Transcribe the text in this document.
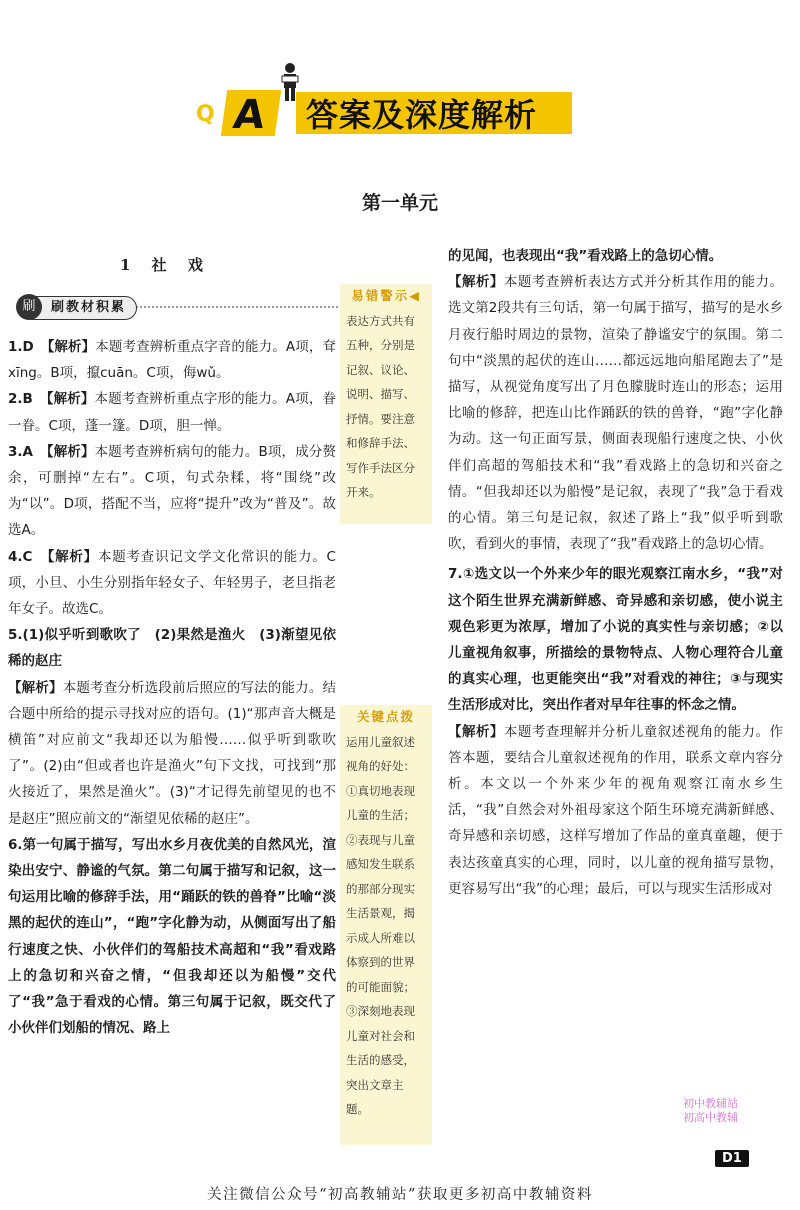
Q A 答案及深度解析
第一单元
1 社 戏
刷教材积累
刷

1.D　 【解析】本题考查辨析重点字音的能力。A项，耷xīng。B项，攛cuān。C项，侮wǔ。

2.B　 【解析】本题考查辨析重点字形的能力。A项，眷一眷。C项，蓬一篷。D项，胆一惮。

3.A　 【解析】本题考查辨析病句的能力。B项，成分赘余，可删掉“左右”。C项，句式杂糅，将“围绕”改为“以”。D项，搭配不当，应将“提升”改为“普及”。故选A。

4.C　 【解析】本题考查识记文学文化常识的能力。C项，小旦、小生分别指年轻女子、年轻男子，老旦指老年女子。故选C。

5.(1)似乎听到歌吹了　(2)果然是渔火　(3)渐望见依稀的赵庄
【解析】本题考查分析选段前后照应的写法的能力。结合题中所给的提示寻找对应的语句。(1)“那声音大概是横笛”对应前文“我却还以为船慢……似乎听到歌吹了”。(2)由“但或者也许是渔火”句下文找，可找到“那火接近了，果然是渔火”。(3)“才记得先前望见的也不是赵庄”照应前文的“渐望见依稀的赵庄”。

6.第一句属于描写，写出水乡月夜优美的自然风光，渲染出安宁、静谧的气氛。第二句属于描写和记叙，这一句运用比喻的修辞手法，用“踊跃的铁的兽脊”比喻“淡黑的起伏的连山”，“跑”字化静为动，从侧面写出了船行速度之快、小伙伴们的驾船技术高超和“我”看戏路上的急切和兴奋之情，“但我却还以为船慢”交代了“我”急于看戏的心情。第三句属于记叙，既交代了小伙伴们划船的情况、路上

易错警示◀
表达方式共有五种，分别是记叙、议论、说明、描写、抒情。要注意和修辞手法、写作手法区分开来。
关键点拨
运用儿童叙述视角的好处：①真切地表现儿童的生活；②表现与儿童感知发生联系的那部分现实生活景观，揭示成人所难以体察到的世界的可能面貌；③深刻地表现儿童对社会和生活的感受，突出文章主题。

的见闻，也表现出“我”看戏路上的急切心情。

【解析】本题考查辨析表达方式并分析其作用的能力。选文第2段共有三句话，第一句属于描写，描写的是水乡月夜行船时周边的景物，渲染了静谧安宁的氛围。第二句中“淡黑的起伏的连山……都远远地向船尾跑去了”是描写，从视觉角度写出了月色朦胧时连山的形态；运用比喻的修辞，把连山比作踊跃的铁的兽脊，“跑”字化静为动。这一句正面写景，侧面表现船行速度之快、小伙伴们高超的驾船技术和“我”看戏路上的急切和兴奋之情。“但我却还以为船慢”是记叙，表现了“我”急于看戏的心情。第三句是记叙，叙述了路上“我”似乎听到歌吹，看到火的事情，表现了“我”看戏路上的急切心情。

7.①选文以一个外来少年的眼光观察江南水乡，“我”对这个陌生世界充满新鲜感、奇异感和亲切感，使小说主观色彩更为浓厚，增加了小说的真实性与亲切感；②以儿童视角叙事，所描绘的景物特点、人物心理符合儿童的真实心理，也更能突出“我”对看戏的神往；③与现实生活形成对比，突出作者对早年往事的怀念之情。

【解析】本题考查理解并分析儿童叙述视角的能力。作答本题，要结合儿童叙述视角的作用，联系文章内容分析。本文以一个外来少年的视角观察江南水乡生活，“我”自然会对外祖母家这个陌生环境充满新鲜感、奇异感和亲切感，这样写增加了作品的童真童趣，便于表达孩童真实的心理，同时，以儿童的视角描写景物，更容易写出“我”的心理；最后，可以与现实生活形成对

初中教辅站 初高中教辅
D1
关注微信公众号“初高教辅站”获取更多初高中教辅资料
